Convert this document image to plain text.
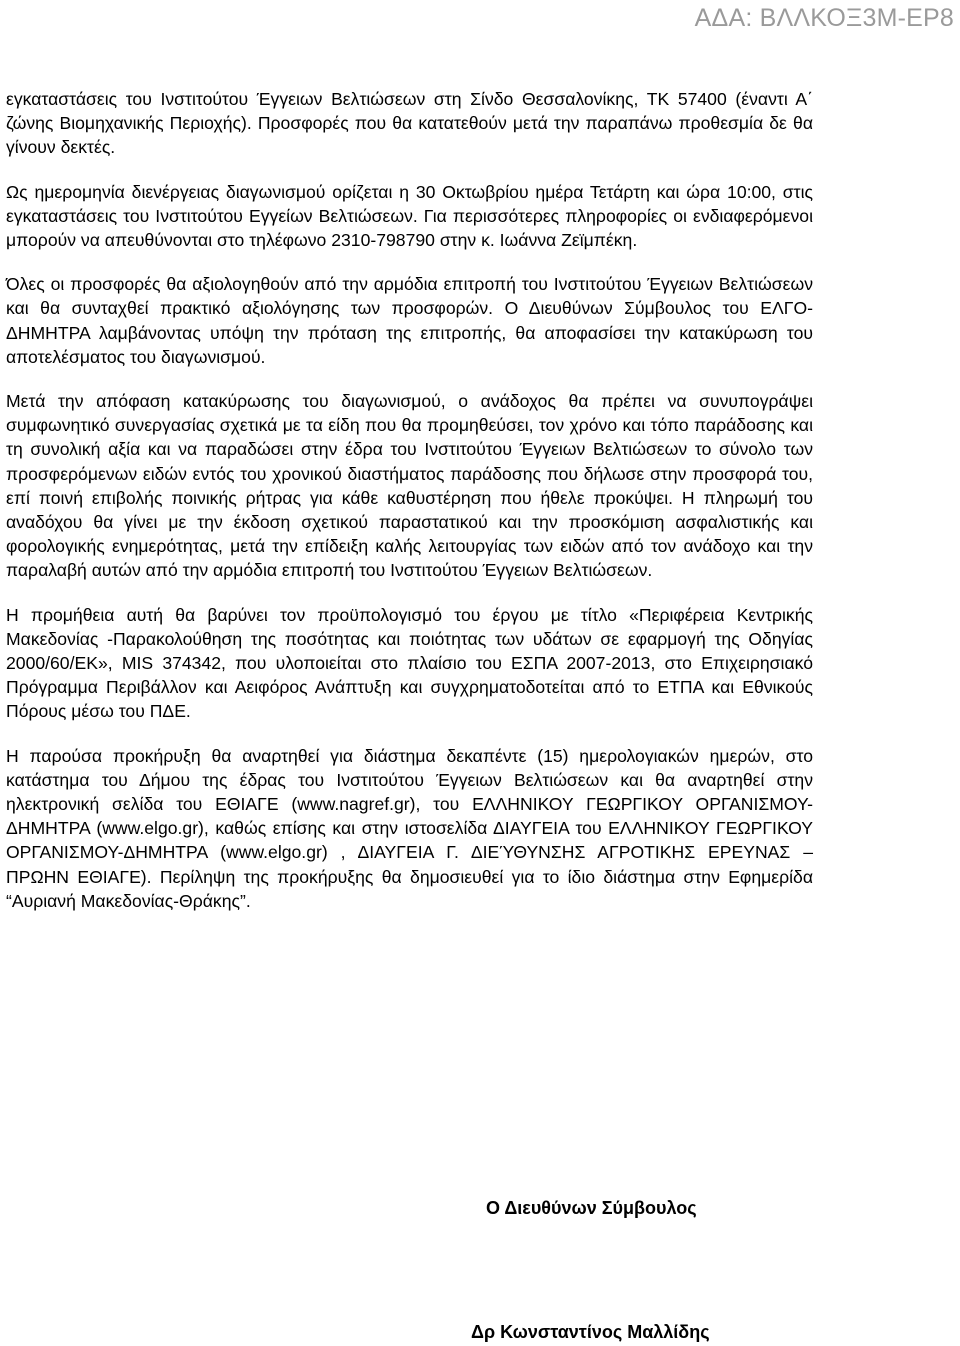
ΑΔΑ: ΒΛΛΚΟΞ3Μ-ΕΡ8

εγκαταστάσεις του Ινστιτούτου Έγγειων Βελτιώσεων στη Σίνδο Θεσσαλονίκης, ΤΚ 57400 (έναντι Α΄ ζώνης Βιομηχανικής Περιοχής). Προσφορές που θα κατατεθούν μετά την παραπάνω προθεσμία δε θα γίνουν δεκτές.

Ως ημερομηνία διενέργειας διαγωνισμού ορίζεται η 30 Οκτωβρίου ημέρα Τετάρτη και ώρα 10:00, στις εγκαταστάσεις του Ινστιτούτου Εγγείων Βελτιώσεων. Για περισσότερες πληροφορίες οι ενδιαφερόμενοι μπορούν να απευθύνονται στο τηλέφωνο 2310-798790 στην κ. Ιωάννα Ζεϊμπέκη.

Όλες οι προσφορές θα αξιολογηθούν από την αρμόδια επιτροπή του Ινστιτούτου Έγγειων Βελτιώσεων και θα συνταχθεί πρακτικό αξιολόγησης των προσφορών. Ο Διευθύνων Σύμβουλος του ΕΛΓΟ-ΔΗΜΗΤΡΑ λαμβάνοντας υπόψη την πρόταση της επιτροπής, θα αποφασίσει την κατακύρωση του αποτελέσματος του διαγωνισμού.

Μετά την απόφαση κατακύρωσης του διαγωνισμού, ο ανάδοχος θα πρέπει να συνυπογράψει συμφωνητικό συνεργασίας σχετικά με τα είδη που θα προμηθεύσει, τον χρόνο και τόπο παράδοσης και τη συνολική αξία και να παραδώσει στην έδρα του Ινστιτούτου Έγγειων Βελτιώσεων το σύνολο των προσφερόμενων ειδών εντός του χρονικού διαστήματος παράδοσης που δήλωσε στην προσφορά του, επί ποινή επιβολής ποινικής ρήτρας για κάθε καθυστέρηση που ήθελε προκύψει. Η πληρωμή του αναδόχου θα γίνει με την έκδοση σχετικού παραστατικού και την προσκόμιση ασφαλιστικής και φορολογικής ενημερότητας, μετά την επίδειξη καλής λειτουργίας των ειδών από τον ανάδοχο και την παραλαβή αυτών από την αρμόδια επιτροπή του Ινστιτούτου Έγγειων Βελτιώσεων.

Η προμήθεια αυτή θα βαρύνει τον προϋπολογισμό του έργου με τίτλο «Περιφέρεια Κεντρικής Μακεδονίας -Παρακολούθηση της ποσότητας και ποιότητας των υδάτων σε εφαρμογή της Οδηγίας 2000/60/ΕΚ», MIS 374342, που υλοποιείται στο πλαίσιο του ΕΣΠΑ 2007-2013, στο Επιχειρησιακό Πρόγραμμα Περιβάλλον και Αειφόρος Ανάπτυξη και συγχρηματοδοτείται από το ΕΤΠΑ και Εθνικούς Πόρους μέσω του ΠΔΕ.

Η παρούσα προκήρυξη θα αναρτηθεί για διάστημα δεκαπέντε (15) ημερολογιακών ημερών, στο κατάστημα του Δήμου της έδρας του Ινστιτούτου Έγγειων Βελτιώσεων και θα αναρτηθεί στην ηλεκτρονική σελίδα του ΕΘΙΑΓΕ (www.nagref.gr), του ΕΛΛΗΝΙΚΟΥ ΓΕΩΡΓΙΚΟΥ ΟΡΓΑΝΙΣΜΟΥ-ΔΗΜΗΤΡΑ (www.elgo.gr), καθώς επίσης και στην ιστοσελίδα ΔΙΑΥΓΕΙΑ του ΕΛΛΗΝΙΚΟΥ ΓΕΩΡΓΙΚΟΥ ΟΡΓΑΝΙΣΜΟΥ-ΔΗΜΗΤΡΑ (www.elgo.gr) , ΔΙΑΥΓΕΙΑ Γ. ΔΙΕΎΘΥΝΣΗΣ ΑΓΡΟΤΙΚΗΣ ΕΡΕΥΝΑΣ – ΠΡΩΗΝ ΕΘΙΑΓΕ). Περίληψη της προκήρυξης θα δημοσιευθεί για το ίδιο διάστημα στην Εφημερίδα “Αυριανή Μακεδονίας-Θράκης”.

Ο Διευθύνων Σύμβουλος
Δρ Κωνσταντίνος Μαλλίδης
